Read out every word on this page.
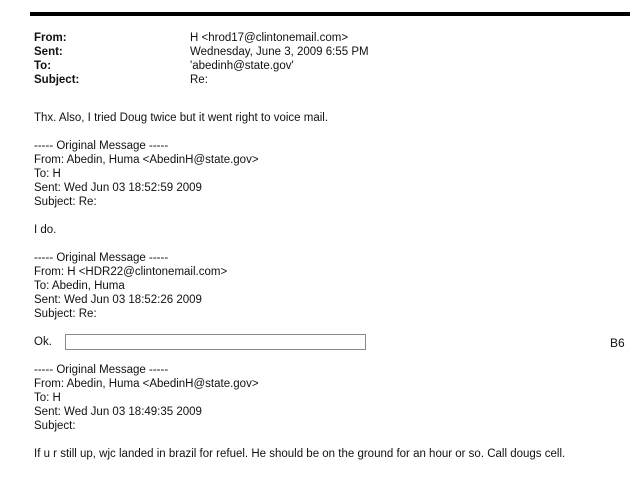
From:	H <hrod17@clintonemail.com>
Sent:	Wednesday, June 3, 2009 6:55 PM
To:	'abedinh@state.gov'
Subject:	Re:
Thx. Also, I tried Doug twice but it went right to voice mail.
----- Original Message -----
From: Abedin, Huma <AbedinH@state.gov>
To: H
Sent: Wed Jun 03 18:52:59 2009
Subject: Re:
I do.
----- Original Message -----
From: H <HDR22@clintonemail.com>
To: Abedin, Huma
Sent: Wed Jun 03 18:52:26 2009
Subject: Re:
Ok.	B6
----- Original Message -----
From: Abedin, Huma <AbedinH@state.gov>
To: H
Sent: Wed Jun 03 18:49:35 2009
Subject:
If u r still up, wjc landed in brazil for refuel. He should be on the ground for an hour or so. Call dougs cell.
